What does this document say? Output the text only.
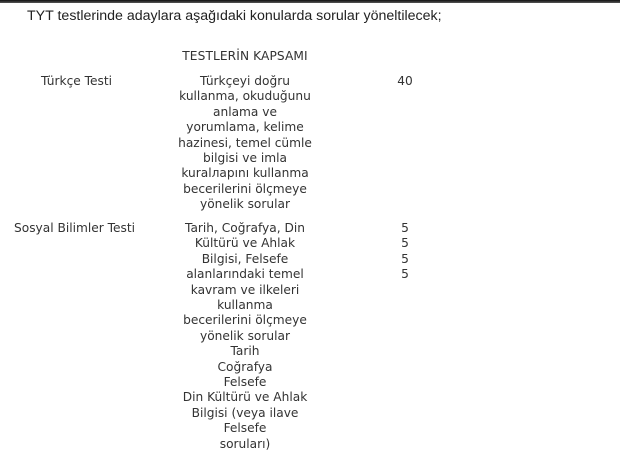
TYT testlerinde adaylara aşağıdaki konularda sorular yöneltilecek;
TESTLERİN KAPSAMI
Türkçe Testi	Türkçeyi doğru
kullanma, okuduğunu
anlama ve
yorumlama, kelime
hazinesi, temel cümle
bilgisi ve imla
kuralларını kullanma
becerilerini ölçmeye
yönelik sorular
40
Sosyal Bilimler Testi	Tarih, Coğrafya, Din
Kültürü ve Ahlak
Bilgisi, Felsefe
alanlarındaki temel
kavram ve ilkeleri
kullanma
becerilerini ölçmeye
yönelik sorular
Tarih
Coğrafya
Felsefe
Din Kültürü ve Ahlak
Bilgisi (veya ilave
Felsefe
soruları)
5
5
5
5
